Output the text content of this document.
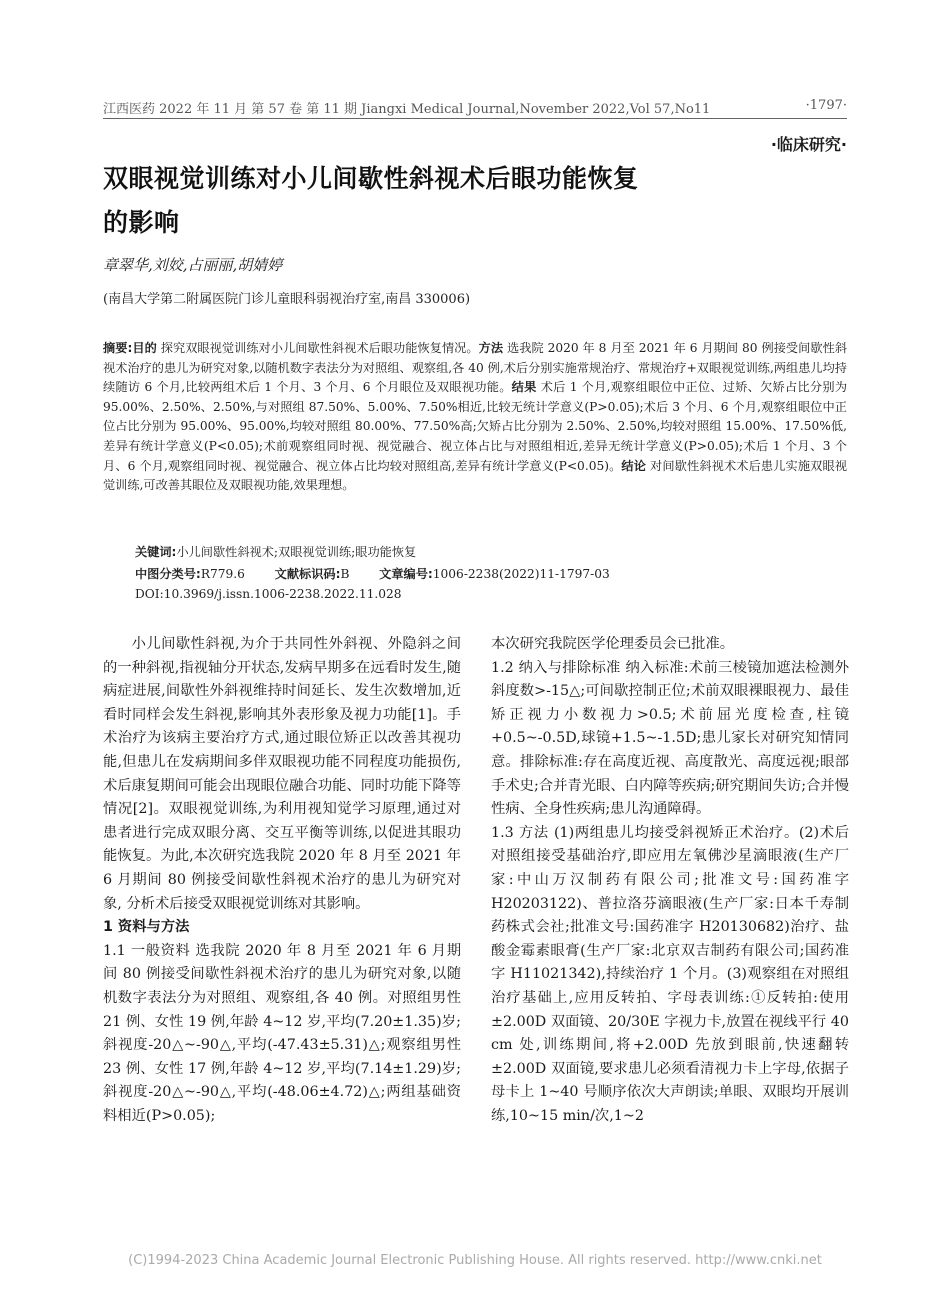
江西医药 2022 年 11 月 第 57 卷 第 11 期 Jiangxi Medical Journal,November 2022,Vol 57,No11	·1797·
·临床研究·
双眼视觉训练对小儿间歇性斜视术后眼功能恢复的影响
章翠华,刘姣,占丽丽,胡婧婷
(南昌大学第二附属医院门诊儿童眼科弱视治疗室,南昌 330006)
摘要:目的 探究双眼视觉训练对小儿间歇性斜视术后眼功能恢复情况。方法 选我院 2020 年 8 月至 2021 年 6 月期间 80 例接受间歇性斜视术治疗的患儿为研究对象,以随机数字表法分为对照组、观察组,各 40 例,术后分别实施常规治疗、常规治疗+双眼视觉训练,两组患儿均持续随访 6 个月,比较两组术后 1 个月、3 个月、6 个月眼位及双眼视功能。结果 术后 1 个月,观察组眼位中正位、过矫、欠矫占比分别为 95.00%、2.50%、2.50%,与对照组 87.50%、5.00%、7.50%相近,比较无统计学意义(P>0.05);术后 3 个月、6 个月,观察组眼位中正位占比分别为 95.00%、95.00%,均较对照组 80.00%、77.50%高;欠矫占比分别为 2.50%、2.50%,均较对照组 15.00%、17.50%低,差异有统计学意义(P<0.05);术前观察组同时视、视觉融合、视立体占比与对照组相近,差异无统计学意义(P>0.05);术后 1 个月、3 个月、6 个月,观察组同时视、视觉融合、视立体占比均较对照组高,差异有统计学意义(P<0.05)。结论 对间歇性斜视术术后患儿实施双眼视觉训练,可改善其眼位及双眼视功能,效果理想。
关键词:小儿间歇性斜视术;双眼视觉训练;眼功能恢复
中图分类号:R779.6 文献标识码:B 文章编号:1006-2238(2022)11-1797-03
DOI:10.3969/j.issn.1006-2238.2022.11.028

小儿间歇性斜视,为介于共同性外斜视、外隐斜之间的一种斜视,指视轴分开状态,发病早期多在远看时发生,随病症进展,间歇性外斜视维持时间延长、发生次数增加,近看时同样会发生斜视,影响其外表形象及视力功能[1]。手术治疗为该病主要治疗方式,通过眼位矫正以改善其视功能,但患儿在发病期间多伴双眼视功能不同程度功能损伤,术后康复期间可能会出现眼位融合功能、同时功能下降等情况[2]。双眼视觉训练,为利用视知觉学习原理,通过对患者进行完成双眼分离、交互平衡等训练,以促进其眼功能恢复。为此,本次研究选我院 2020 年 8 月至 2021 年 6 月期间 80 例接受间歇性斜视术治疗的患儿为研究对象, 分析术后接受双眼视觉训练对其影响。

1 资料与方法

1.1 一般资料 选我院 2020 年 8 月至 2021 年 6 月期间 80 例接受间歇性斜视术治疗的患儿为研究对象,以随机数字表法分为对照组、观察组,各 40 例。对照组男性 21 例、女性 19 例,年龄 4~12 岁,平均(7.20±1.35)岁;斜视度-20△~-90△,平均(-47.43±5.31)△;观察组男性 23 例、女性 17 例,年龄 4~12 岁,平均(7.14±1.29)岁;斜视度-20△~-90△,平均(-48.06±4.72)△;两组基础资料相近(P>0.05);

本次研究我院医学伦理委员会已批准。

1.2 纳入与排除标准 纳入标准:术前三棱镜加遮法检测外斜度数>-15△;可间歇控制正位;术前双眼裸眼视力、最佳矫正视力小数视力>0.5;术前屈光度检查,柱镜+0.5~-0.5D,球镜+1.5~-1.5D;患儿家长对研究知情同意。排除标准:存在高度近视、高度散光、高度远视;眼部手术史;合并青光眼、白内障等疾病;研究期间失访;合并慢性病、全身性疾病;患儿沟通障碍。

1.3 方法 (1)两组患儿均接受斜视矫正术治疗。(2)术后对照组接受基础治疗,即应用左氧佛沙星滴眼液(生产厂家:中山万汉制药有限公司;批准文号:国药准字 H20203122)、普拉洛芬滴眼液(生产厂家:日本千寿制药株式会社;批准文号:国药准字 H20130682)治疗、盐酸金霉素眼膏(生产厂家:北京双吉制药有限公司;国药准字 H11021342),持续治疗 1 个月。(3)观察组在对照组治疗基础上,应用反转拍、字母表训练:①反转拍:使用±2.00D 双面镜、20/30E 字视力卡,放置在视线平行 40 cm 处,训练期间,将+2.00D 先放到眼前,快速翻转±2.00D 双面镜,要求患儿必须看清视力卡上字母,依据子母卡上 1~40 号顺序依次大声朗读;单眼、双眼均开展训练,10~15 min/次,1~2

(C)1994-2023 China Academic Journal Electronic Publishing House. All rights reserved. http://www.cnki.net
